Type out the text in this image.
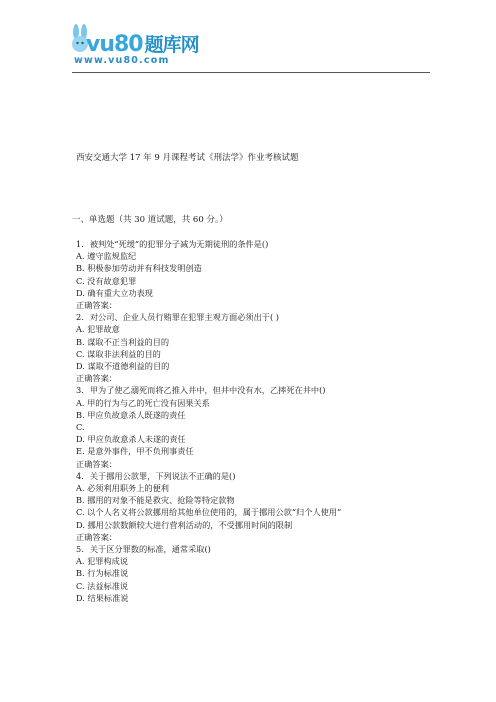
vu80 题库网
www.vu80.com
西安交通大学 17 年 9 月课程考试《刑法学》作业考核试题
一、单选题（共 30 道试题，共 60 分。）
1. 被判处“死缓”的犯罪分子减为无期徒刑的条件是()
A. 遵守监规监纪
B. 积极参加劳动并有科技发明创造
C. 没有故意犯罪
D. 确有重大立功表现
正确答案：
2. 对公司、企业人员行贿罪在犯罪主观方面必须出于( )
A. 犯罪故意
B. 谋取不正当利益的目的
C. 谋取非法利益的目的
D. 谋取不道德利益的目的
正确答案：
3. 甲为了使乙溺死而将乙推入井中，但井中没有水，乙摔死在井中()
A. 甲的行为与乙的死亡没有因果关系
B. 甲应负故意杀人既遂的责任
C.
D. 甲应负故意杀人未遂的责任
E. 是意外事件，甲不负刑事责任
正确答案：
4. 关于挪用公款罪，下列说法不正确的是()
A. 必须利用职务上的便利
B. 挪用的对象不能是救灾、抢险等特定款物
C. 以个人名义将公款挪用给其他单位使用的，属于挪用公款“归个人使用”
D. 挪用公款数额较大进行营利活动的，不受挪用时间的限制
正确答案：
5. 关于区分罪数的标准，通常采取()
A. 犯罪构成说
B. 行为标准说
C. 法益标准说
D. 结果标准说
